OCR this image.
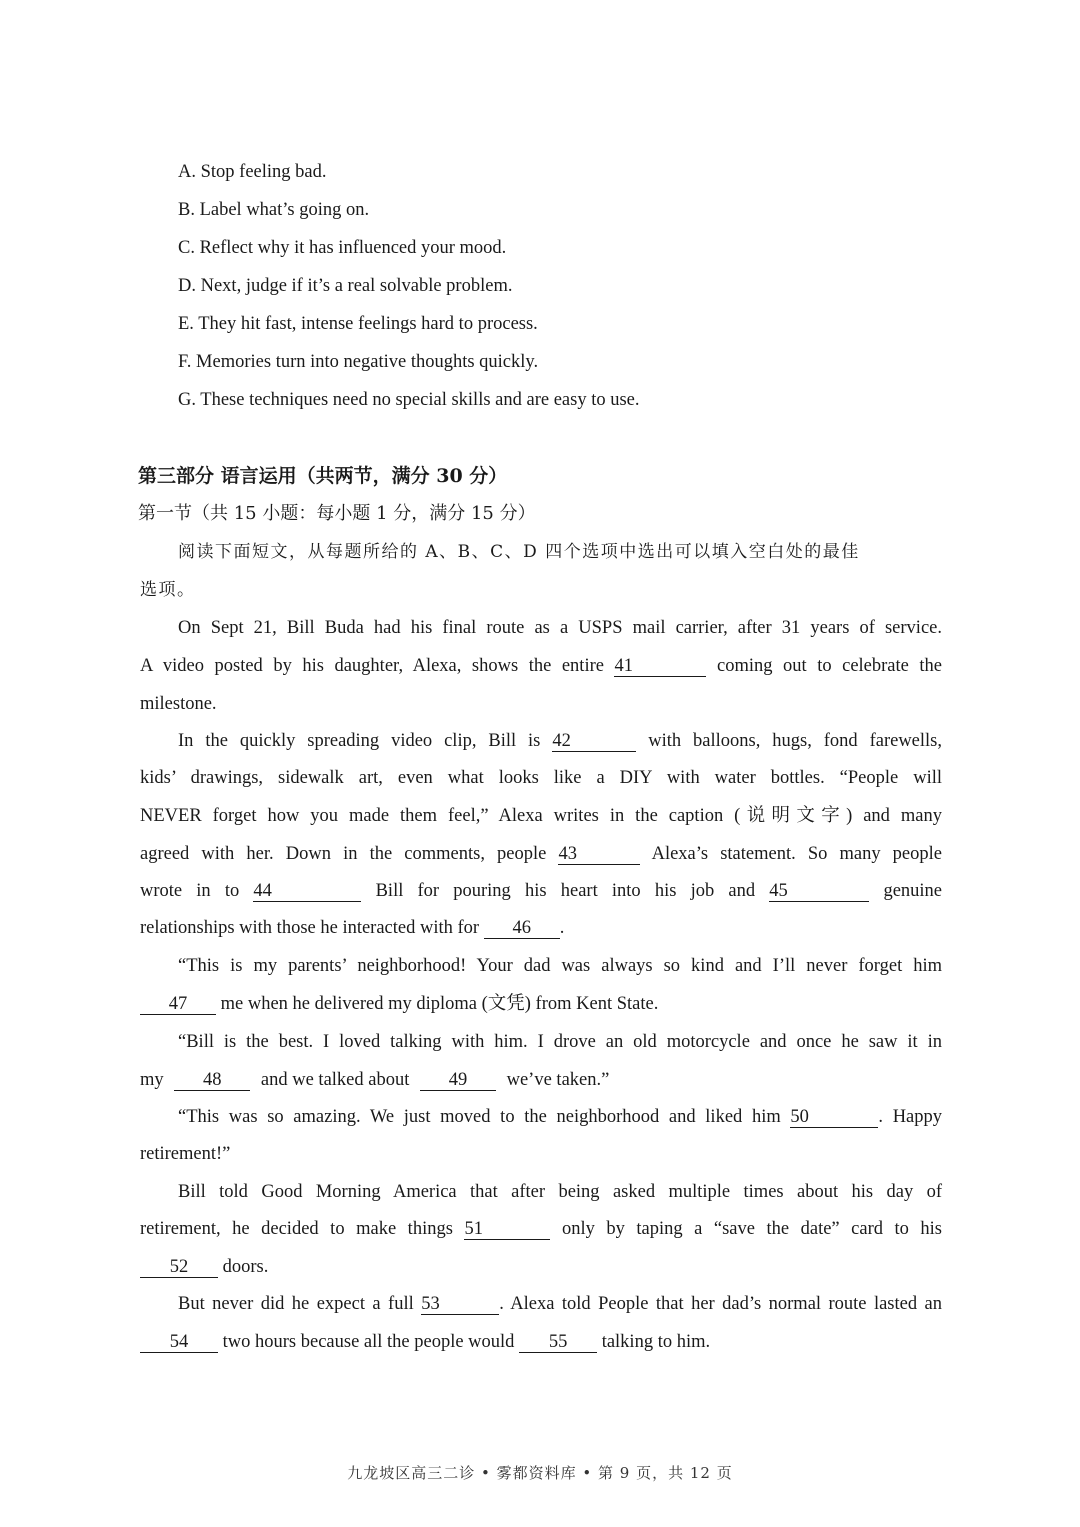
A. Stop feeling bad.
B. Label what’s going on.
C. Reflect why it has influenced your mood.
D. Next, judge if it’s a real solvable problem.
E. They hit fast, intense feelings hard to process.
F. Memories turn into negative thoughts quickly.
G. These techniques need no special skills and are easy to use.
第三部分 语言运用（共两节，满分 30 分）
第一节（共 15 小题：每小题 1 分，满分 15 分）
阅读下面短文，从每题所给的 A、B、C、D 四个选项中选出可以填入空白处的最佳
选项。
On Sept 21, Bill Buda had his final route as a USPS mail carrier, after 31 years of service.
A video posted by his daughter, Alexa, shows the entire 41	coming out to celebrate the
milestone.
In the quickly spreading video clip, Bill is 42	with balloons, hugs, fond farewells,
kids’ drawings, sidewalk art, even what looks like a DIY with water bottles. “People will
NEVER forget how you made them feel,” Alexa writes in the caption (说明文字) and many
agreed with her. Down in the comments, people 43	Alexa’s statement. So many people
wrote in to 44	Bill for pouring his heart into his job and 45	genuine
relationships with those he interacted with for 46 .
“This is my parents’ neighborhood! Your dad was always so kind and I’ll never forget him
47 me when he delivered my diploma (文凭) from Kent State.
“Bill is the best. I loved talking with him. I drove an old motorcycle and once he saw it in
my 48 and we talked about 49 we’ve taken.”
“This was so amazing. We just moved to the neighborhood and liked him 50	. Happy
retirement!”
Bill told Good Morning America that after being asked multiple times about his day of
retirement, he decided to make things 51	only by taping a “save the date” card to his
52 doors.
But never did he expect a full 53	. Alexa told People that her dad’s normal route lasted an
54 two hours because all the people would 55 talking to him.
九龙坡区高三二诊 • 雾都资料库 • 第 9 页，共 12 页
